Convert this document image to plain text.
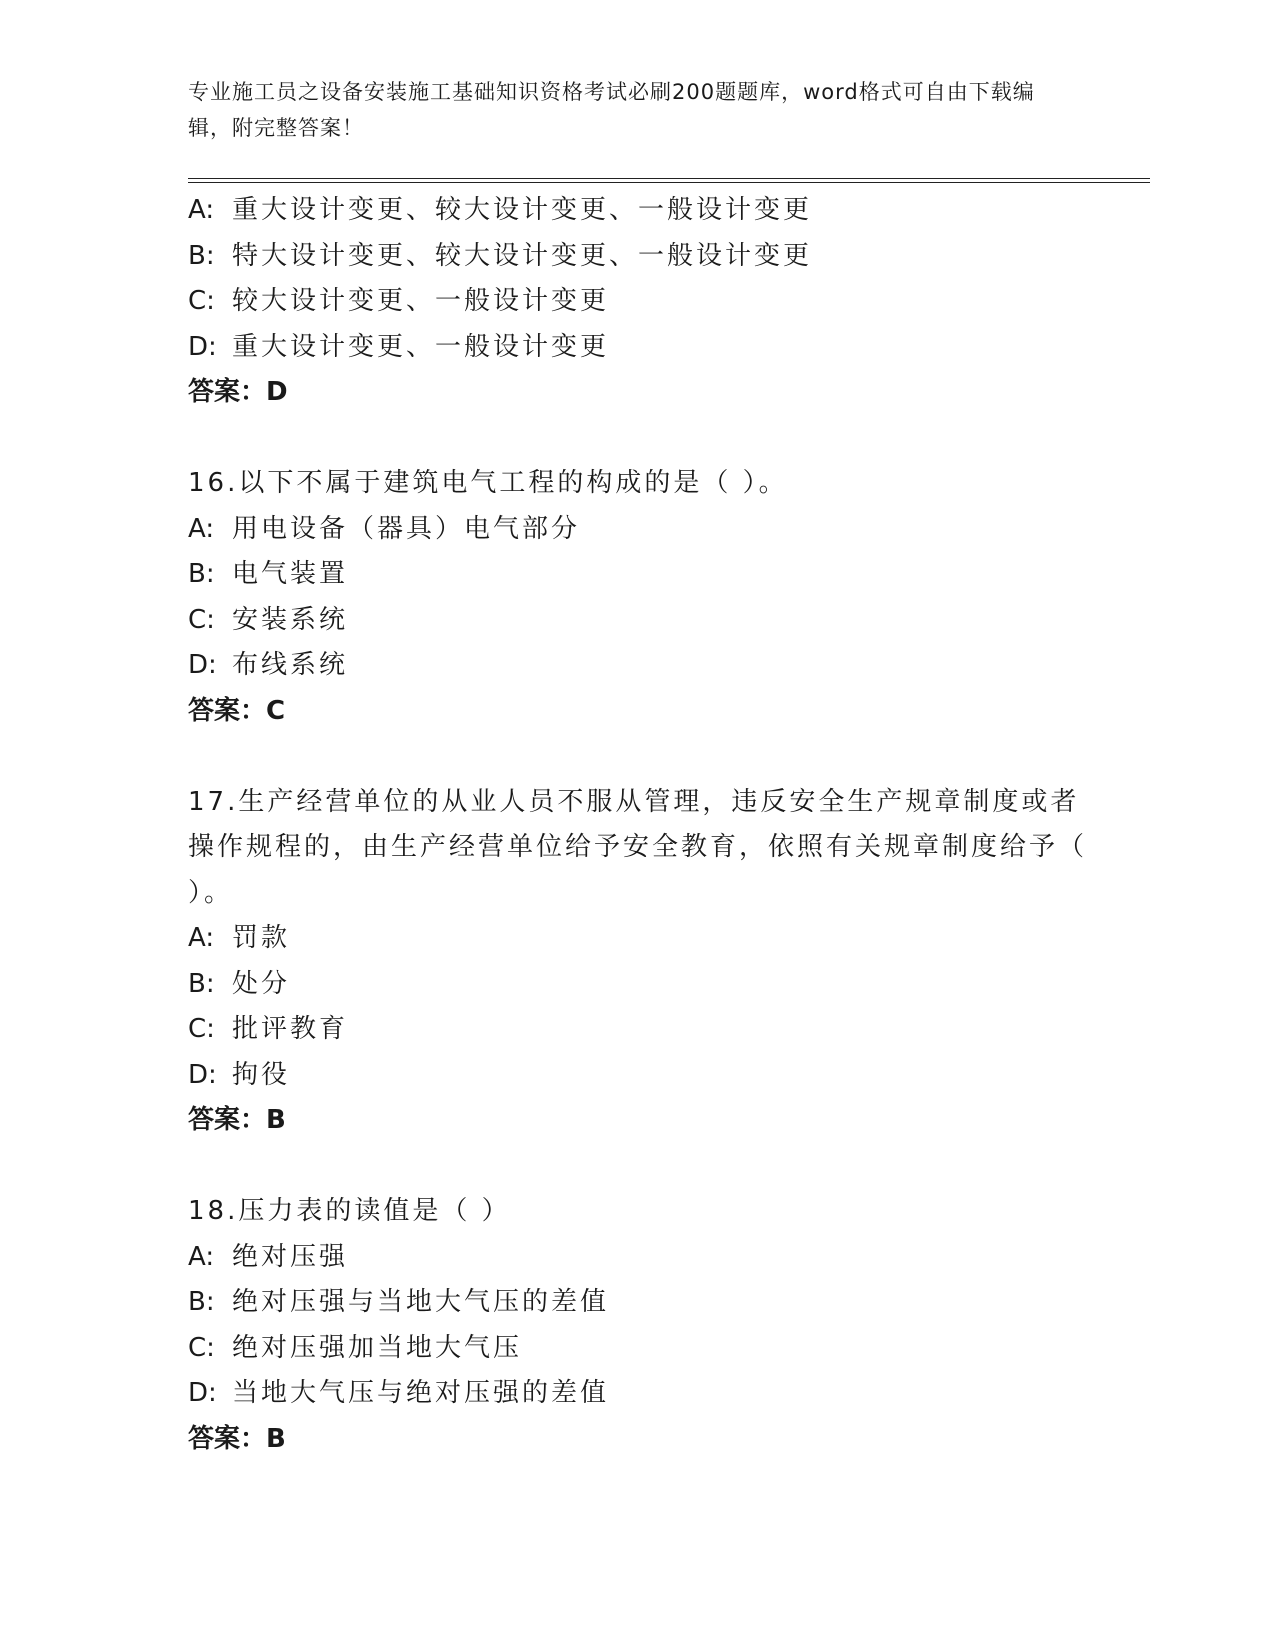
专业施工员之设备安装施工基础知识资格考试必刷200题题库，word格式可自由下载编辑，附完整答案！
A: 重大设计变更、较大设计变更、一般设计变更
B: 特大设计变更、较大设计变更、一般设计变更
C: 较大设计变更、一般设计变更
D: 重大设计变更、一般设计变更
答案：D
16.以下不属于建筑电气工程的构成的是（ ）。
A: 用电设备（器具）电气部分
B: 电气装置
C: 安装系统
D: 布线系统
答案：C
17.生产经营单位的从业人员不服从管理，违反安全生产规章制度或者操作规程的，由生产经营单位给予安全教育，依照有关规章制度给予（ ）。
A: 罚款
B: 处分
C: 批评教育
D: 拘役
答案：B
18.压力表的读值是（ ）
A: 绝对压强
B: 绝对压强与当地大气压的差值
C: 绝对压强加当地大气压
D: 当地大气压与绝对压强的差值
答案：B
